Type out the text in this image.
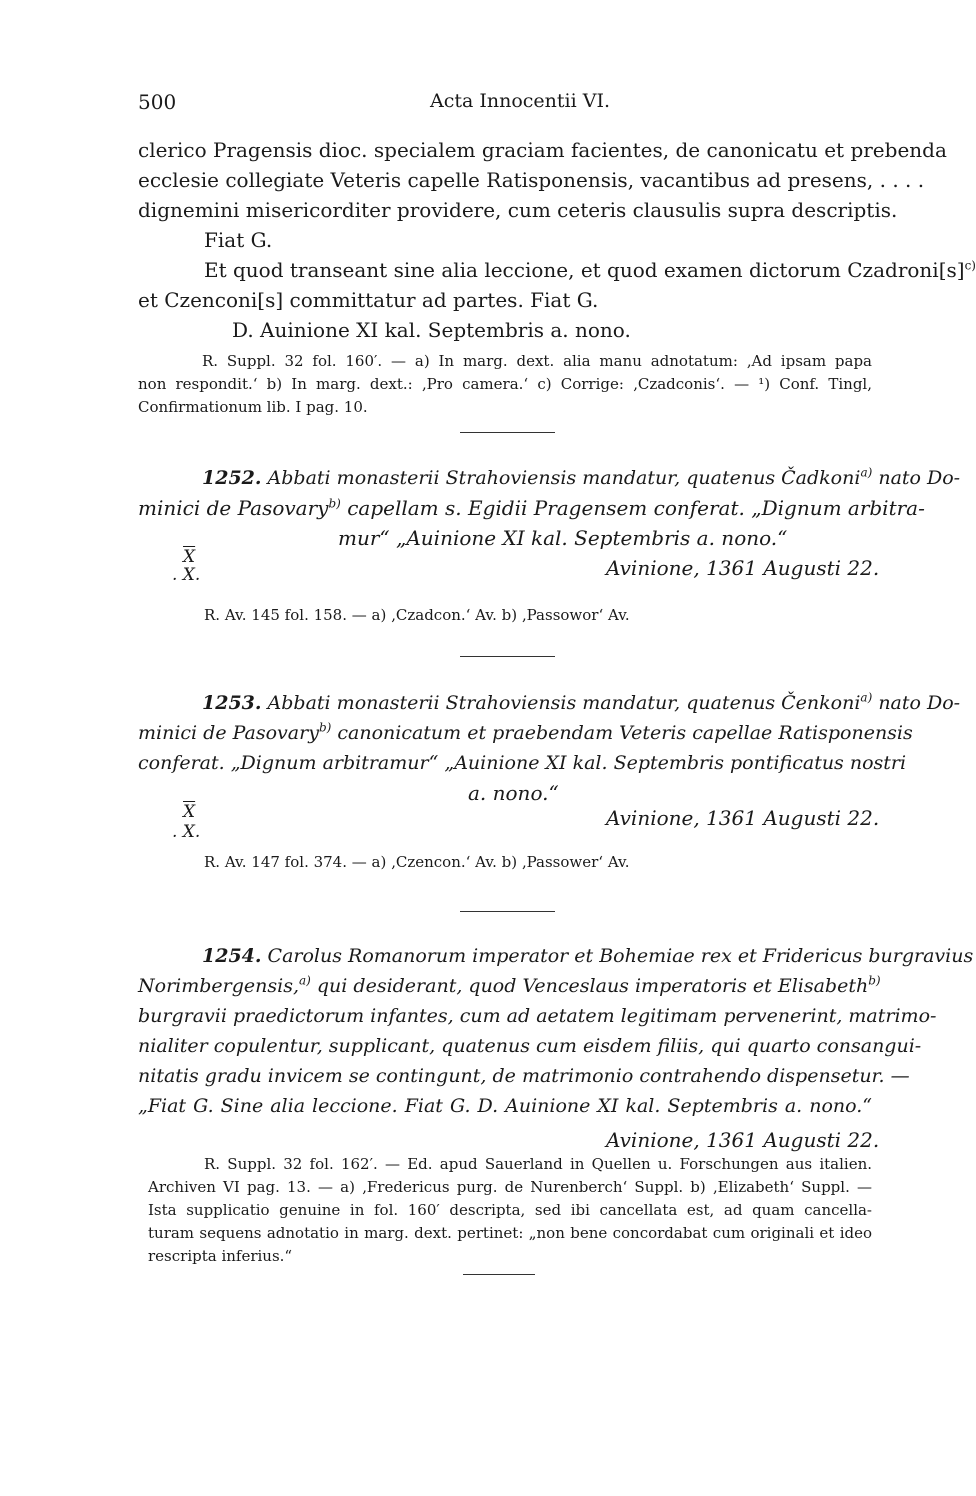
500	Acta Innocentii VI.
clerico Pragensis dioc. specialem graciam facientes, de canonicatu et prebenda
ecclesie collegiate Veteris capelle Ratisponensis, vacantibus ad presens, . . . .
dignemini misericorditer providere, cum ceteris clausulis supra descriptis.
Fiat G.
Et quod transeant sine alia leccione, et quod examen dictorum $Czadroni[s]^{c)}$
et Czenconi[s] committatur ad partes. Fiat G.
D. Auinione XI kal. Septembris a. nono.
R. Suppl. 32 fol. 160′. — a) In marg. dext. alia manu adnotatum: ‚Ad ipsam papa
non respondit.‘ b) In marg. dext.: ‚Pro camera.‘ c) Corrige: ‚Czadconis‘. — ¹) Conf. Tingl,
Confirmationum lib. I pag. 10.
1252. Abbati monasterii Strahoviensis mandatur, quatenus Čadkoni$^{a)}$ nato Do-
minici de Pasovary$^{b)}$ capellam s. Egidii Pragensem conferat. „Dignum arbitra-
mur“ „Auinione XI kal. Septembris a. nono.“
$\overline{X}$
. X.	Avinione, 1361 Augusti 22.
R. Av. 145 fol. 158. — a) ‚Czadcon.‘ Av. b) ‚Passowor‘ Av.
1253. Abbati monasterii Strahoviensis mandatur, quatenus Čenkoni$^{a)}$ nato Do-
minici de Pasovary$^{b)}$ canonicatum et praebendam Veteris capellae Ratisponensis
conferat. „Dignum arbitramur“ „Auinione XI kal. Septembris pontificatus nostri
a. nono.“
$\overline{X}$
. X.
Avinione, 1361 Augusti 22.
R. Av. 147 fol. 374. — a) ‚Czencon.‘ Av. b) ‚Passower‘ Av.
1254. Carolus Romanorum imperator et Bohemiae rex et Fridericus burgravius
Norimbergensis,$^{a)}$ qui desiderant, quod Venceslaus imperatoris et Elisabeth$^{b)}$
burgravii praedictorum infantes, cum ad aetatem legitimam pervenerint, matrimo-
nialiter copulentur, supplicant, quatenus cum eisdem filiis, qui quarto consangui-
nitatis gradu invicem se contingunt, de matrimonio contrahendo dispensetur. —
„Fiat G. Sine alia leccione. Fiat G. D. Auinione XI kal. Septembris a. nono.“
Avinione, 1361 Augusti 22.
R. Suppl. 32 fol. 162′. — Ed. apud Sauerland in Quellen u. Forschungen aus italien.
Archiven VI pag. 13. — a) ‚Fredericus purg. de Nurenberch‘ Suppl. b) ‚Elizabeth‘ Suppl. —
Ista supplicatio genuine in fol. 160′ descripta, sed ibi cancellata est, ad quam cancella-
turam sequens adnotatio in marg. dext. pertinet: „non bene concordabat cum originali et ideo
rescripta inferius.“
